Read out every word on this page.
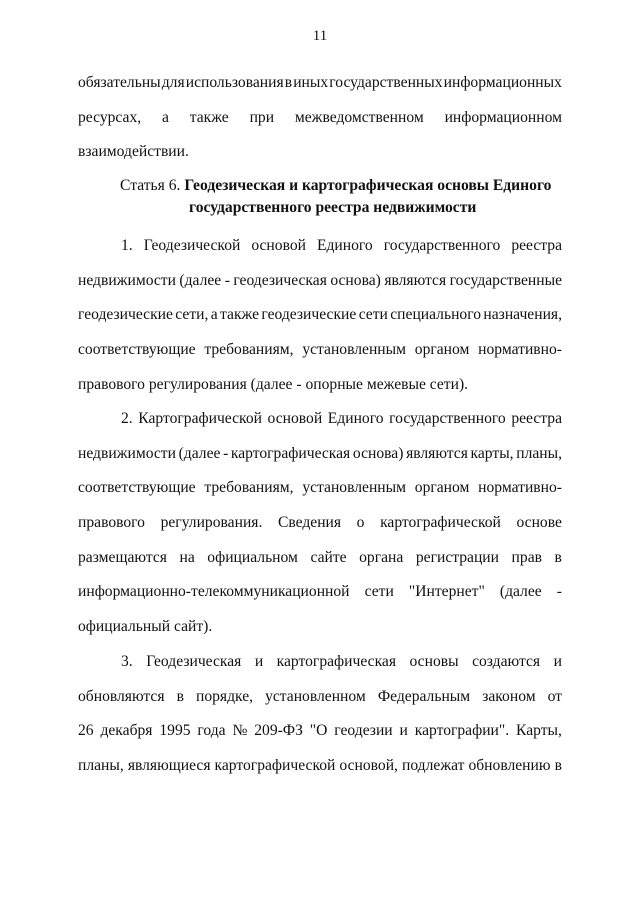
11
обязательны для использования в иных государственных информационных
ресурсах, а также при межведомственном информационном
взаимодействии.
Статья 6. Геодезическая и картографическая основы Единого
государственного реестра недвижимости
1. Геодезической основой Единого государственного реестра
недвижимости (далее - геодезическая основа) являются государственные
геодезические сети, а также геодезические сети специального назначения,
соответствующие требованиям, установленным органом нормативно-
правового регулирования (далее - опорные межевые сети).
2. Картографической основой Единого государственного реестра
недвижимости (далее - картографическая основа) являются карты, планы,
соответствующие требованиям, установленным органом нормативно-
правового регулирования. Сведения о картографической основе
размещаются на официальном сайте органа регистрации прав в
информационно-телекоммуникационной сети "Интернет" (далее -
официальный сайт).
3. Геодезическая и картографическая основы создаются и
обновляются в порядке, установленном Федеральным законом от
26 декабря 1995 года № 209-ФЗ "О геодезии и картографии". Карты,
планы, являющиеся картографической основой, подлежат обновлению в
